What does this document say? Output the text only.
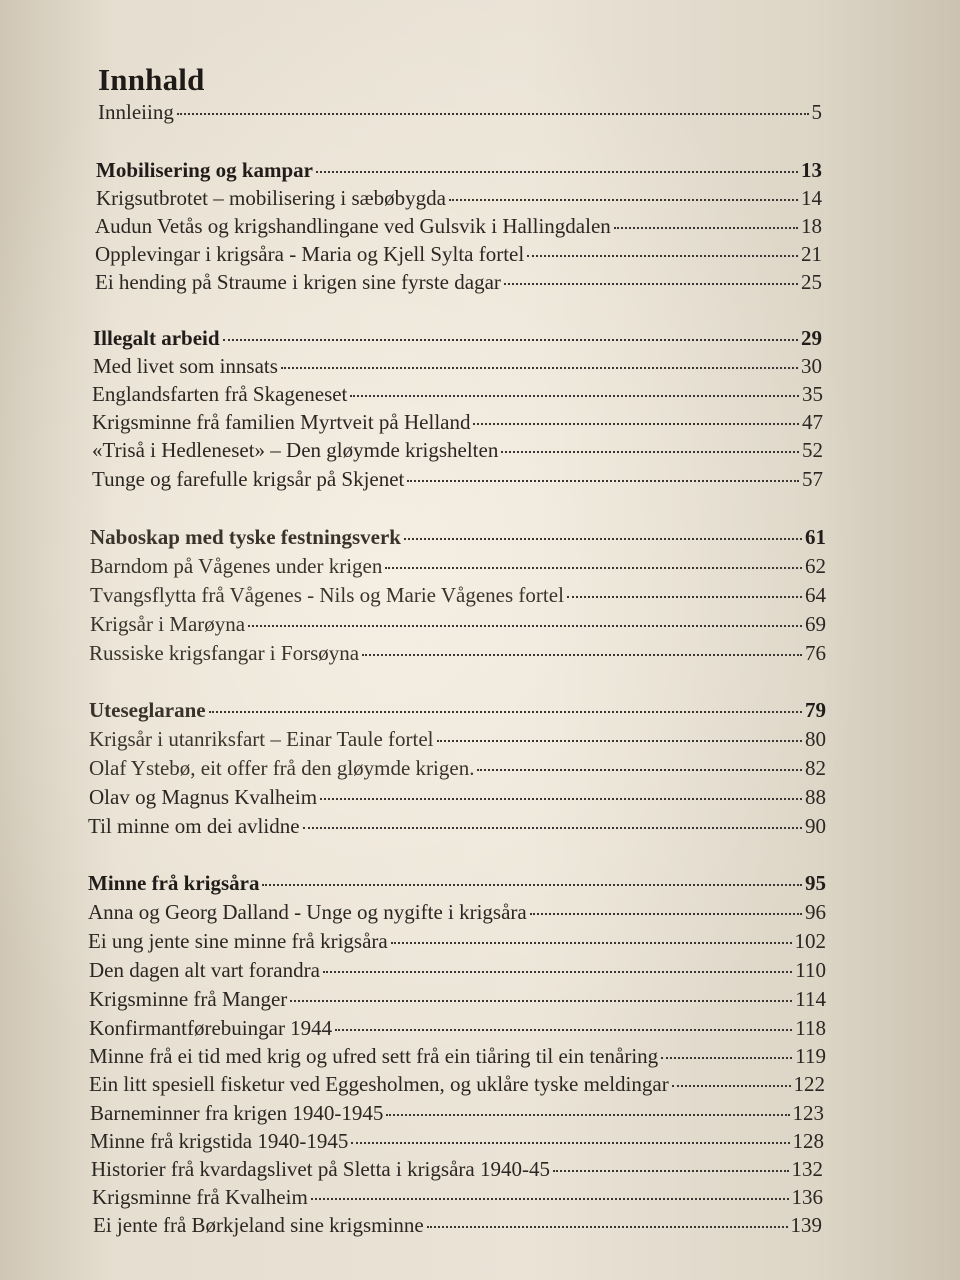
Innhald
Innleiing	5
Mobilisering og kampar	13
Krigsutbrotet – mobilisering i sæbøbygda	14
Audun Vetås og krigshandlingane ved Gulsvik i Hallingdalen	18
Opplevingar i krigsåra - Maria og Kjell Sylta fortel	21
Ei hending på Straume i krigen sine fyrste dagar	25
Illegalt arbeid	29
Med livet som innsats	30
Englandsfarten frå Skageneset	35
Krigsminne frå familien Myrtveit på Helland	47
«Triså i Hedleneset» – Den gløymde krigshelten	52
Tunge og farefulle krigsår på Skjenet	57
Naboskap med tyske festningsverk	61
Barndom på Vågenes under krigen	62
Tvangsflytta frå Vågenes - Nils og Marie Vågenes fortel	64
Krigsår i Marøyna	69
Russiske krigsfangar i Forsøyna	76
Uteseglarane	79
Krigsår i utanriksfart – Einar Taule fortel	80
Olaf Ystebø, eit offer frå den gløymde krigen.	82
Olav og Magnus Kvalheim	88
Til minne om dei avlidne	90
Minne frå krigsåra	95
Anna og Georg Dalland - Unge og nygifte i krigsåra	96
Ei ung jente sine minne frå krigsåra	102
Den dagen alt vart forandra	110
Krigsminne frå Manger	114
Konfirmantførebuingar 1944	118
Minne frå ei tid med krig og ufred sett frå ein tiåring til ein tenåring	119
Ein litt spesiell fisketur ved Eggesholmen, og uklåre tyske meldingar	122
Barneminner fra krigen 1940-1945	123
Minne frå krigstida 1940-1945	128
Historier frå kvardagslivet på Sletta i krigsåra 1940-45	132
Krigsminne frå Kvalheim	136
Ei jente frå Børkjeland sine krigsminne	139
